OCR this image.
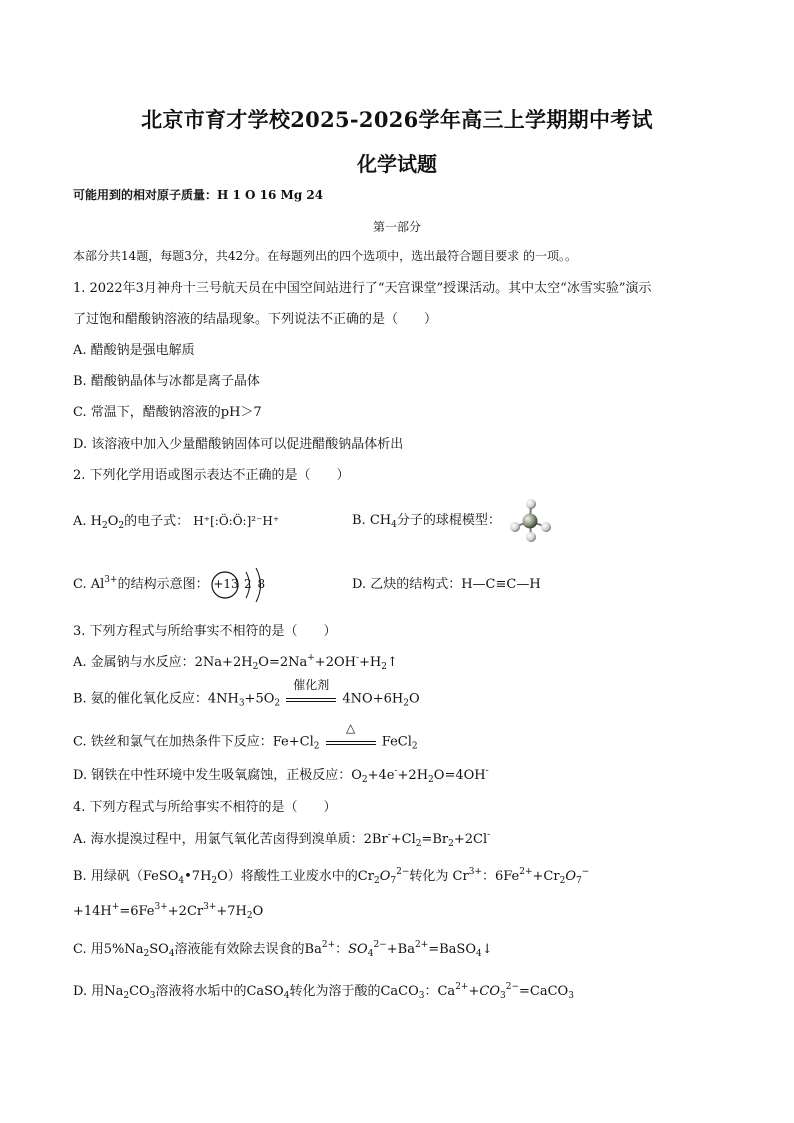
北京市育才学校2025-2026学年高三上学期期中考试
化学试题
可能用到的相对原子质量：H 1 O 16 Mg 24
第一部分
本部分共14题，每题3分，共42分。在每题列出的四个选项中，选出最符合题目要求 的一项。。
1. 2022年3月神舟十三号航天员在中国空间站进行了“天宫课堂”授课活动。其中太空“冰雪实验”演示
了过饱和醋酸钠溶液的结晶现象。下列说法不正确的是（　　）
A. 醋酸钠是强电解质
B. 醋酸钠晶体与冰都是离子晶体
C. 常温下，醋酸钠溶液的pH＞7
D. 该溶液中加入少量醋酸钠固体可以促进醋酸钠晶体析出
2. 下列化学用语或图示表达不正确的是（　　）
A. $H_2O_2$的电子式： H⁺[:Ö:Ö:]²⁻H⁺	B. $CH_4$分子的球棍模型：
C. $Al^{3+}$的结构示意图： +13 2 8	D. 乙炔的结构式：H—C≡C—H
3. 下列方程式与所给事实不相符的是（　　）
A. 金属钠与水反应：$2Na+2H_2O=2Na^++2OH^-+H_2↑$
B. 氨的催化氧化反应：$4NH_3+5O_2$
催化剂
$4NO+6H_2O$
C. 铁丝和氯气在加热条件下反应：$Fe+Cl_2$
△
FeCl$_2$
D. 钢铁在中性环境中发生吸氧腐蚀，正极反应：$O_2+4e^-+2H_2O=4OH^-$
4. 下列方程式与所给事实不相符的是（　　）
A. 海水提溴过程中，用氯气氧化苦卤得到溴单质：$2Br^-+Cl_2=Br_2+2Cl^-$
B. 用绿矾$(FeSO_4•7H_2O)$将酸性工业废水中的$Cr_2O_7^{2-}$转化为 $Cr^{3+}$：$6Fe^{2+}+Cr_2O_7^-$
$+14H^+=6Fe^{3+}+2Cr^{3+}+7H_2O$
C. 用$5\%Na_2SO_4$溶液能有效除去误食的$Ba^{2+}$：$SO_4^{2-}+Ba^{2+}=BaSO_4↓$
D. 用$Na_2CO_3$溶液将水垢中的CaSO$_4$转化为溶于酸的CaCO$_3$：$Ca^{2+}+CO_3^{2-}=CaCO_3$
